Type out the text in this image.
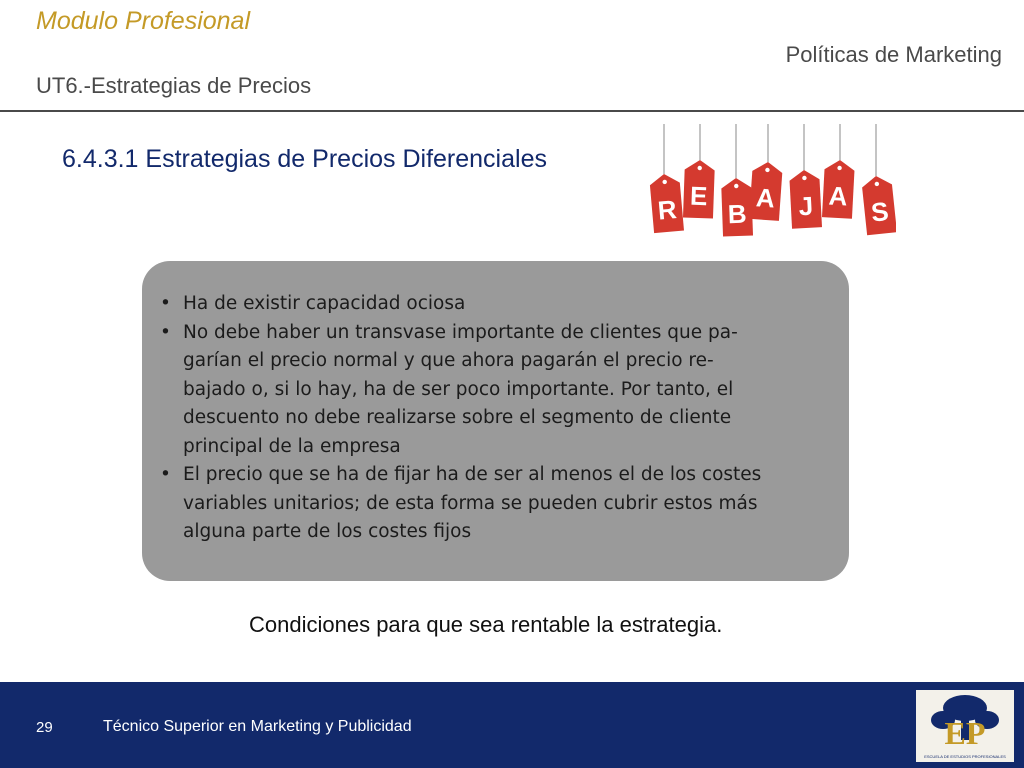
Modulo Profesional
Políticas de Marketing
UT6.-Estrategias de Precios
6.4.3.1 Estrategias de Precios Diferenciales
R E
B
A J A
S
• Ha de existir capacidad ociosa
• No debe haber un transvase importante de clientes que pa-
garían el precio normal y que ahora pagarán el precio re-
bajado o, si lo hay, ha de ser poco importante. Por tanto, el
descuento no debe realizarse sobre el segmento de cliente
principal de la empresa
• El precio que se ha de fijar ha de ser al menos el de los costes
variables unitarios; de esta forma se pueden cubrir estos más
alguna parte de los costes fijos
Condiciones para que sea rentable la estrategia.
29	Técnico Superior en Marketing y Publicidad	EP
ESCUELA DE ESTUDIOS PROFESIONALES
